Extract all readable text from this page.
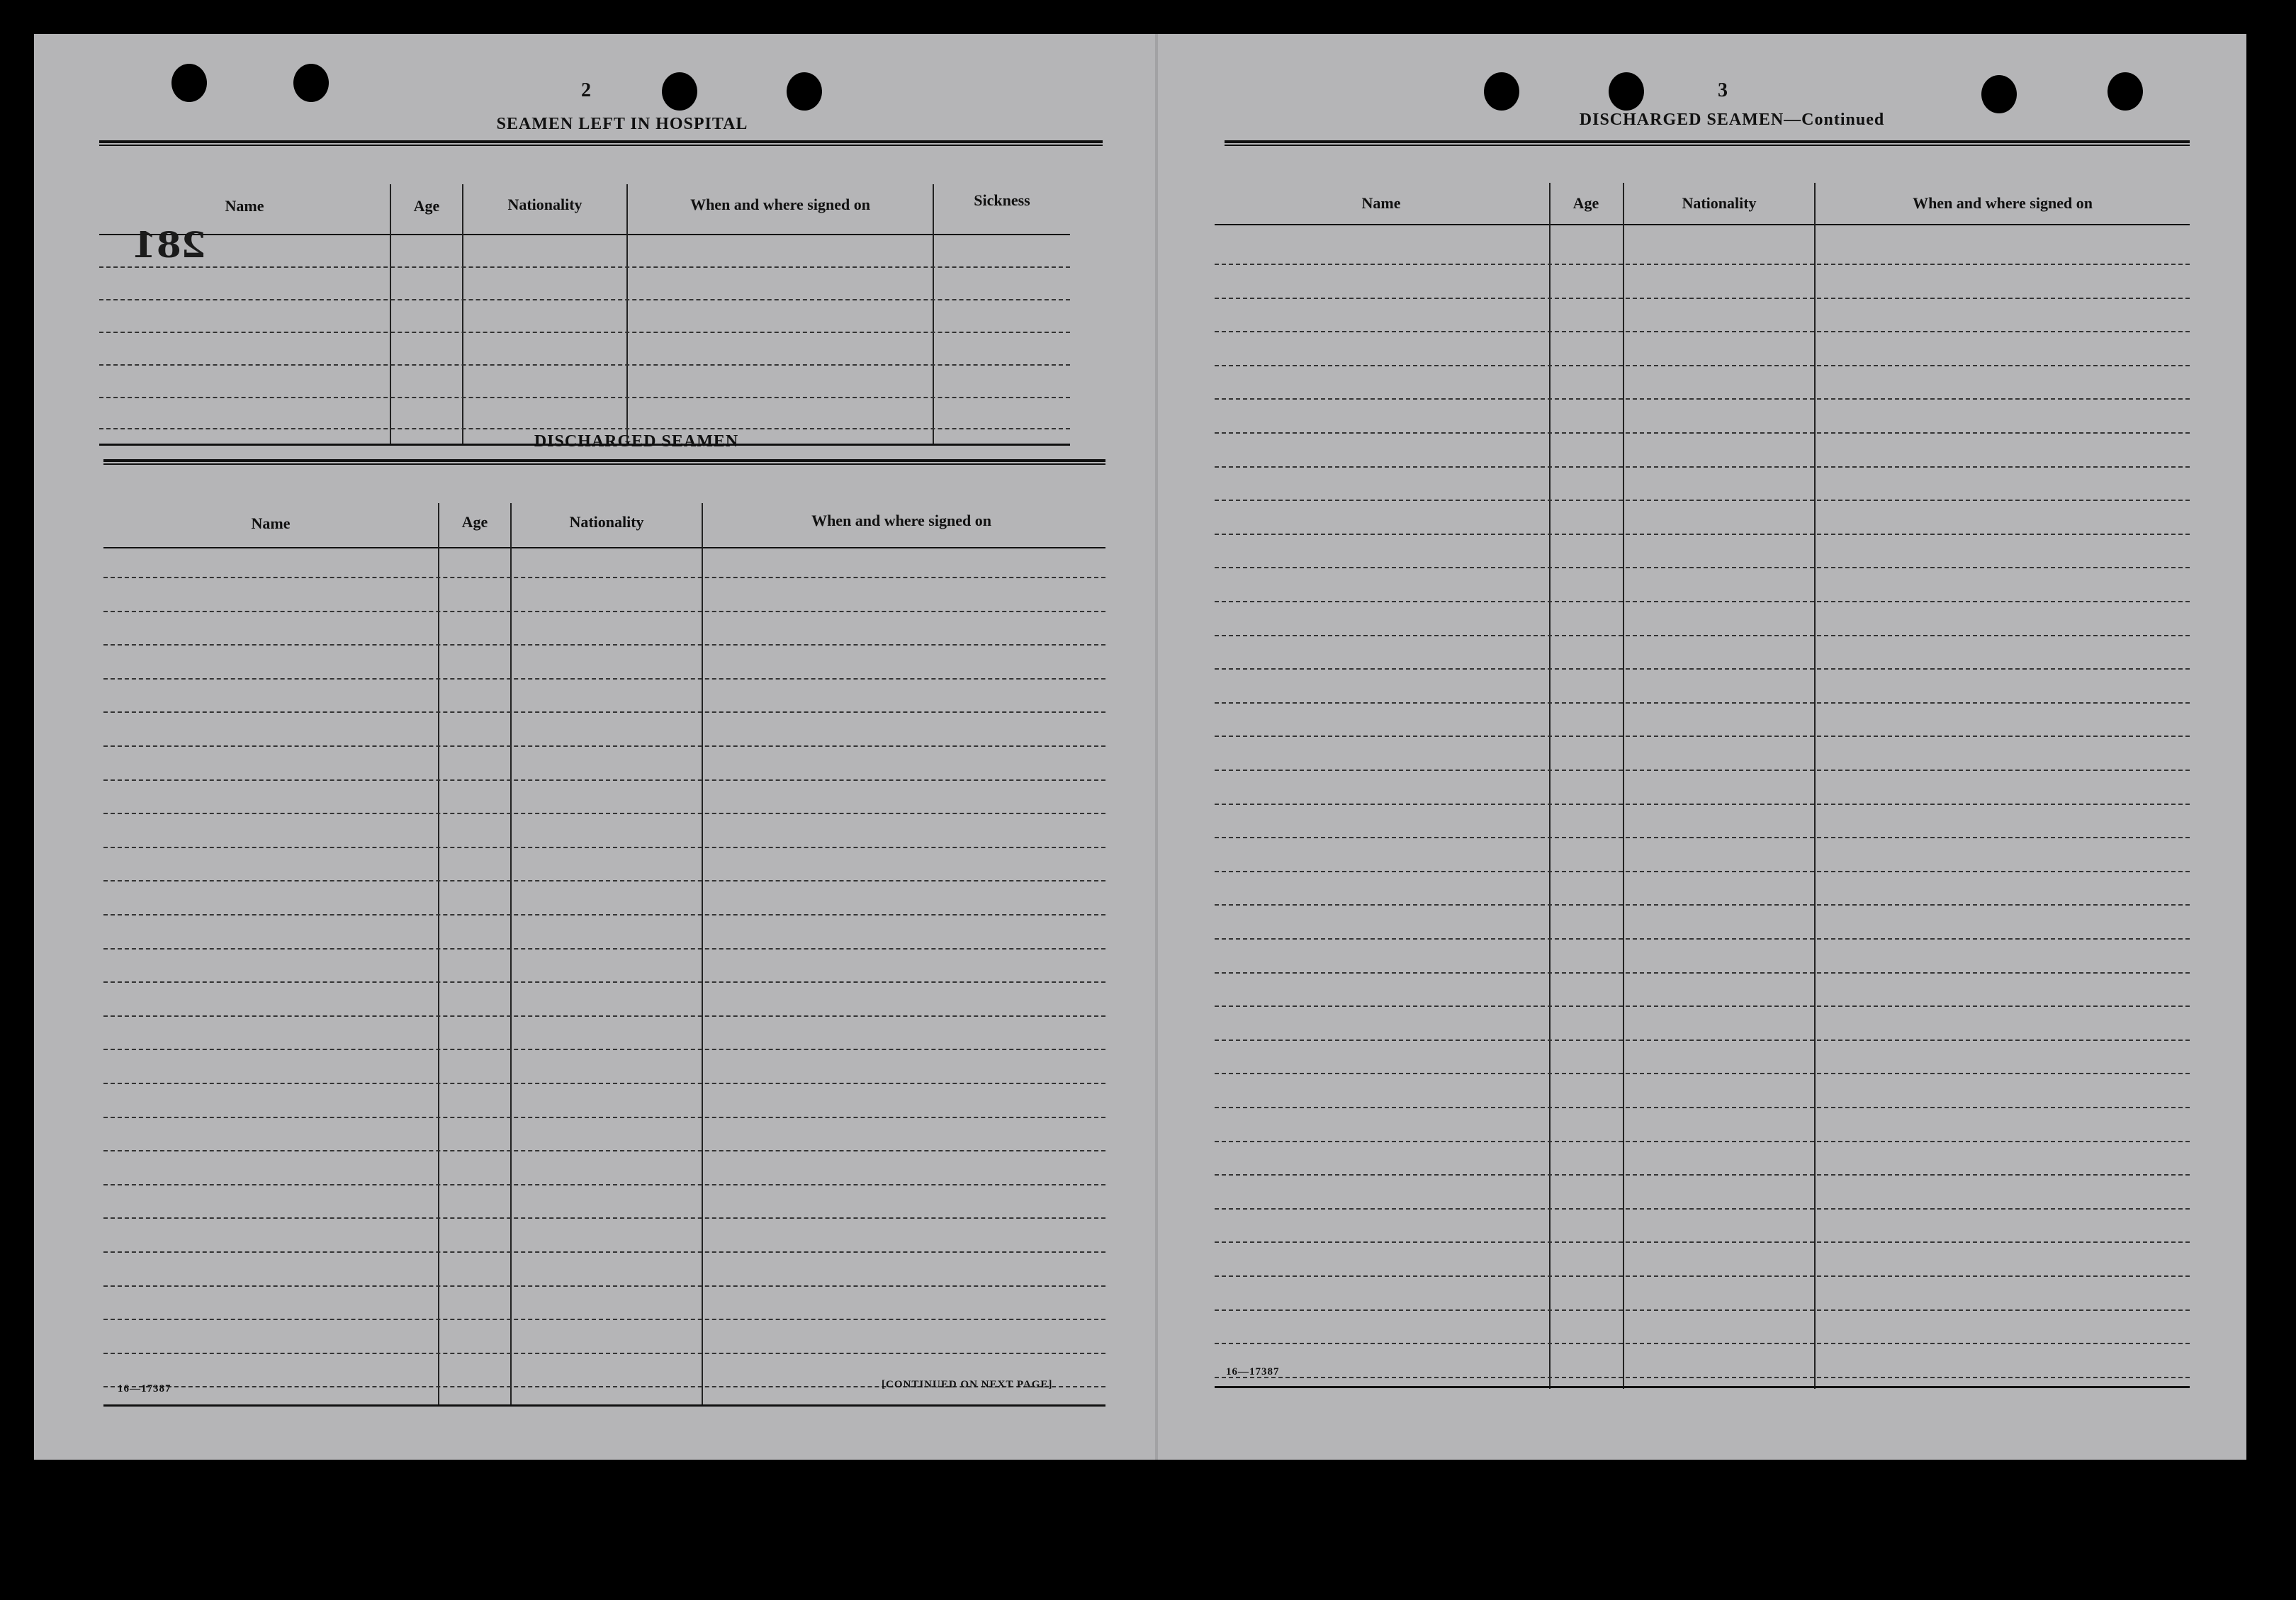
2
SEAMEN LEFT IN HOSPITAL
Name	Age	Nationality	When and where signed on	Sickness
281
DISCHARGED SEAMEN
Name	Age	Nationality	When and where signed on
16—17387	[CONTINUED ON NEXT PAGE]
3
DISCHARGED SEAMEN—Continued
Name	Age	Nationality	When and where signed on
16—17387
